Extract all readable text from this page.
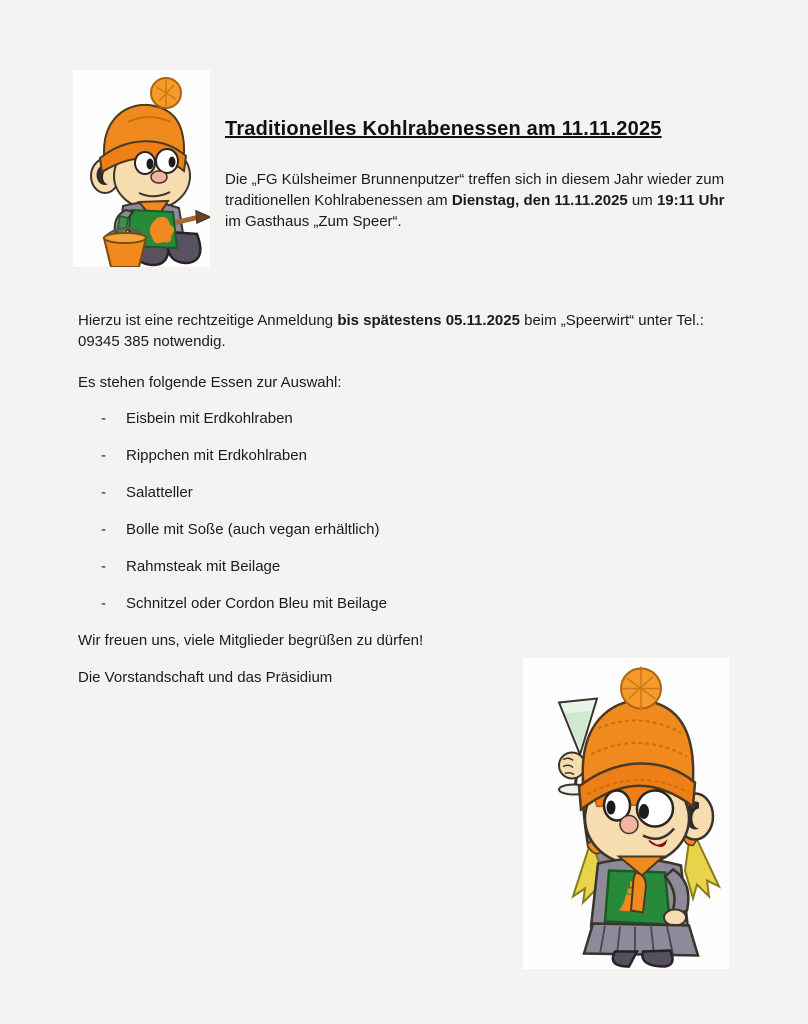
Traditionelles Kohlrabenessen am 11.11.2025

Die „FG Külsheimer Brunnenputzer“ treffen sich in diesem Jahr wieder zum traditionellen Kohlrabenessen am Dienstag, den 11.11.2025 um 19:11 Uhr im Gasthaus „Zum Speer“.

Hierzu ist eine rechtzeitige Anmeldung bis spätestens 05.11.2025 beim „Speerwirt“ unter Tel.: 09345 385 notwendig.

Es stehen folgende Essen zur Auswahl:

-	Eisbein mit Erdkohlraben
-	Rippchen mit Erdkohlraben
-	Salatteller
-	Bolle mit Soße (auch vegan erhältlich)
-	Rahmsteak mit Beilage
-	Schnitzel oder Cordon Bleu mit Beilage

Wir freuen uns, viele Mitglieder begrüßen zu dürfen!

Die Vorstandschaft und das Präsidium
